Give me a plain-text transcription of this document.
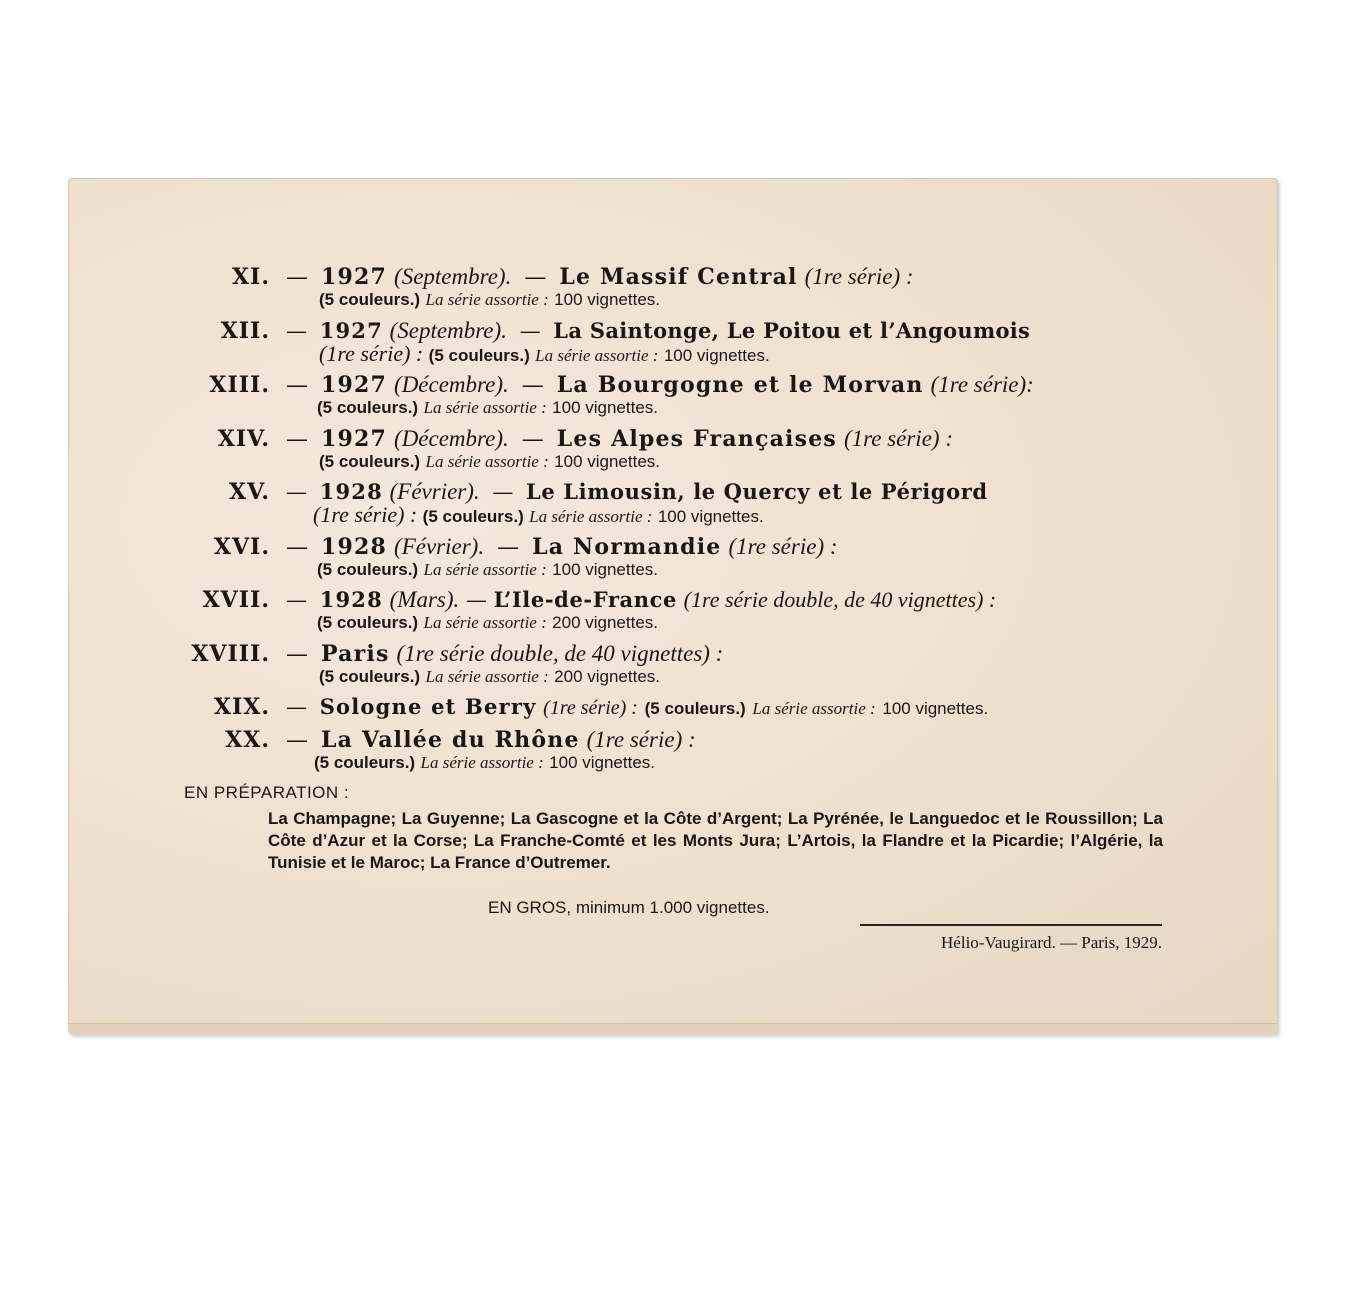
XI. — 1927 (Septembre). — Le Massif Central (1re série) :
(5 couleurs.) La série assortie : 100 vignettes.
XII. — 1927 (Septembre). — La Saintonge, Le Poitou et l’Angoumois
(1re série) : (5 couleurs.) La série assortie : 100 vignettes.
XIII. — 1927 (Décembre). — La Bourgogne et le Morvan (1re série):
(5 couleurs.) La série assortie : 100 vignettes.
XIV. — 1927 (Décembre). — Les Alpes Françaises (1re série) :
(5 couleurs.) La série assortie : 100 vignettes.
XV. — 1928 (Février). — Le Limousin, le Quercy et le Périgord
(1re série) : (5 couleurs.) La série assortie : 100 vignettes.
XVI. — 1928 (Février). — La Normandie (1re série) :
(5 couleurs.) La série assortie : 100 vignettes.
XVII. — 1928 (Mars). — L’Ile-de-France (1re série double, de 40 vignettes) :
(5 couleurs.) La série assortie : 200 vignettes.
XVIII. — Paris (1re série double, de 40 vignettes) :
(5 couleurs.) La série assortie : 200 vignettes.
XIX. — Sologne et Berry (1re série) : (5 couleurs.) La série assortie : 100 vignettes.
XX. — La Vallée du Rhône (1re série) :
(5 couleurs.) La série assortie : 100 vignettes.
EN PRÉPARATION :
La Champagne; La Guyenne; La Gascogne et la Côte d’Argent; La Pyrénée, le Languedoc et le Roussillon; La Côte d’Azur et la Corse; La Franche-Comté et les Monts Jura; L’Artois, la Flandre et la Picardie; l’Algérie, la Tunisie et le Maroc; La France d’Outremer.
EN GROS, minimum 1.000 vignettes.
Hélio-Vaugirard. — Paris, 1929.
